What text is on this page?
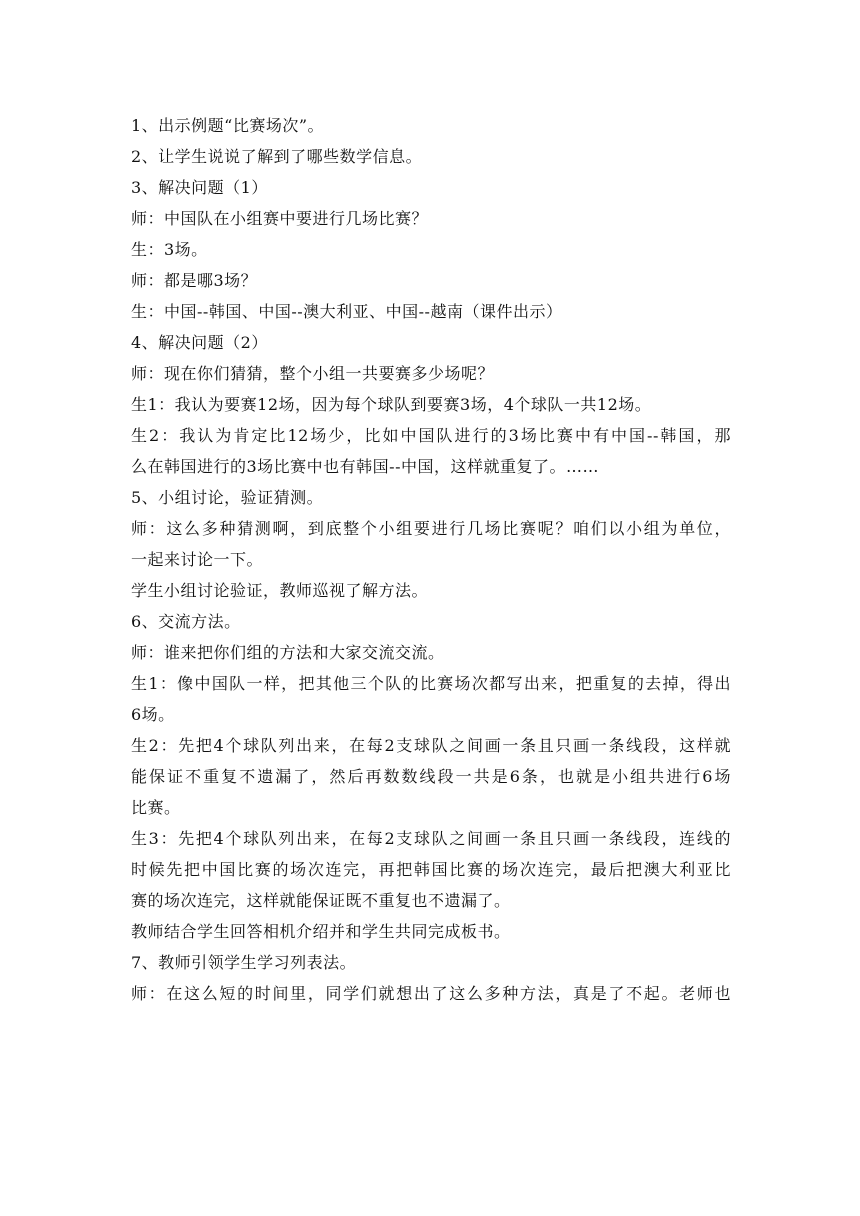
1、出示例题“比赛场次”。
2、让学生说说了解到了哪些数学信息。
3、解决问题（1）
师：中国队在小组赛中要进行几场比赛？
生：3场。
师：都是哪3场？
生：中国--韩国、中国--澳大利亚、中国--越南（课件出示）
4、解决问题（2）
师：现在你们猜猜，整个小组一共要赛多少场呢？
生1：我认为要赛12场，因为每个球队到要赛3场，4个球队一共12场。
生2：我认为肯定比12场少，比如中国队进行的3场比赛中有中国--韩国，那
么在韩国进行的3场比赛中也有韩国--中国，这样就重复了。……
5、小组讨论，验证猜测。
师：这么多种猜测啊，到底整个小组要进行几场比赛呢？咱们以小组为单位，
一起来讨论一下。
学生小组讨论验证，教师巡视了解方法。
6、交流方法。
师：谁来把你们组的方法和大家交流交流。
生1：像中国队一样，把其他三个队的比赛场次都写出来，把重复的去掉，得出
6场。
生2：先把4个球队列出来，在每2支球队之间画一条且只画一条线段，这样就
能保证不重复不遗漏了，然后再数数线段一共是6条，也就是小组共进行6场
比赛。
生3：先把4个球队列出来，在每2支球队之间画一条且只画一条线段，连线的
时候先把中国比赛的场次连完，再把韩国比赛的场次连完，最后把澳大利亚比
赛的场次连完，这样就能保证既不重复也不遗漏了。
教师结合学生回答相机介绍并和学生共同完成板书。
7、教师引领学生学习列表法。
师：在这么短的时间里，同学们就想出了这么多种方法，真是了不起。老师也
